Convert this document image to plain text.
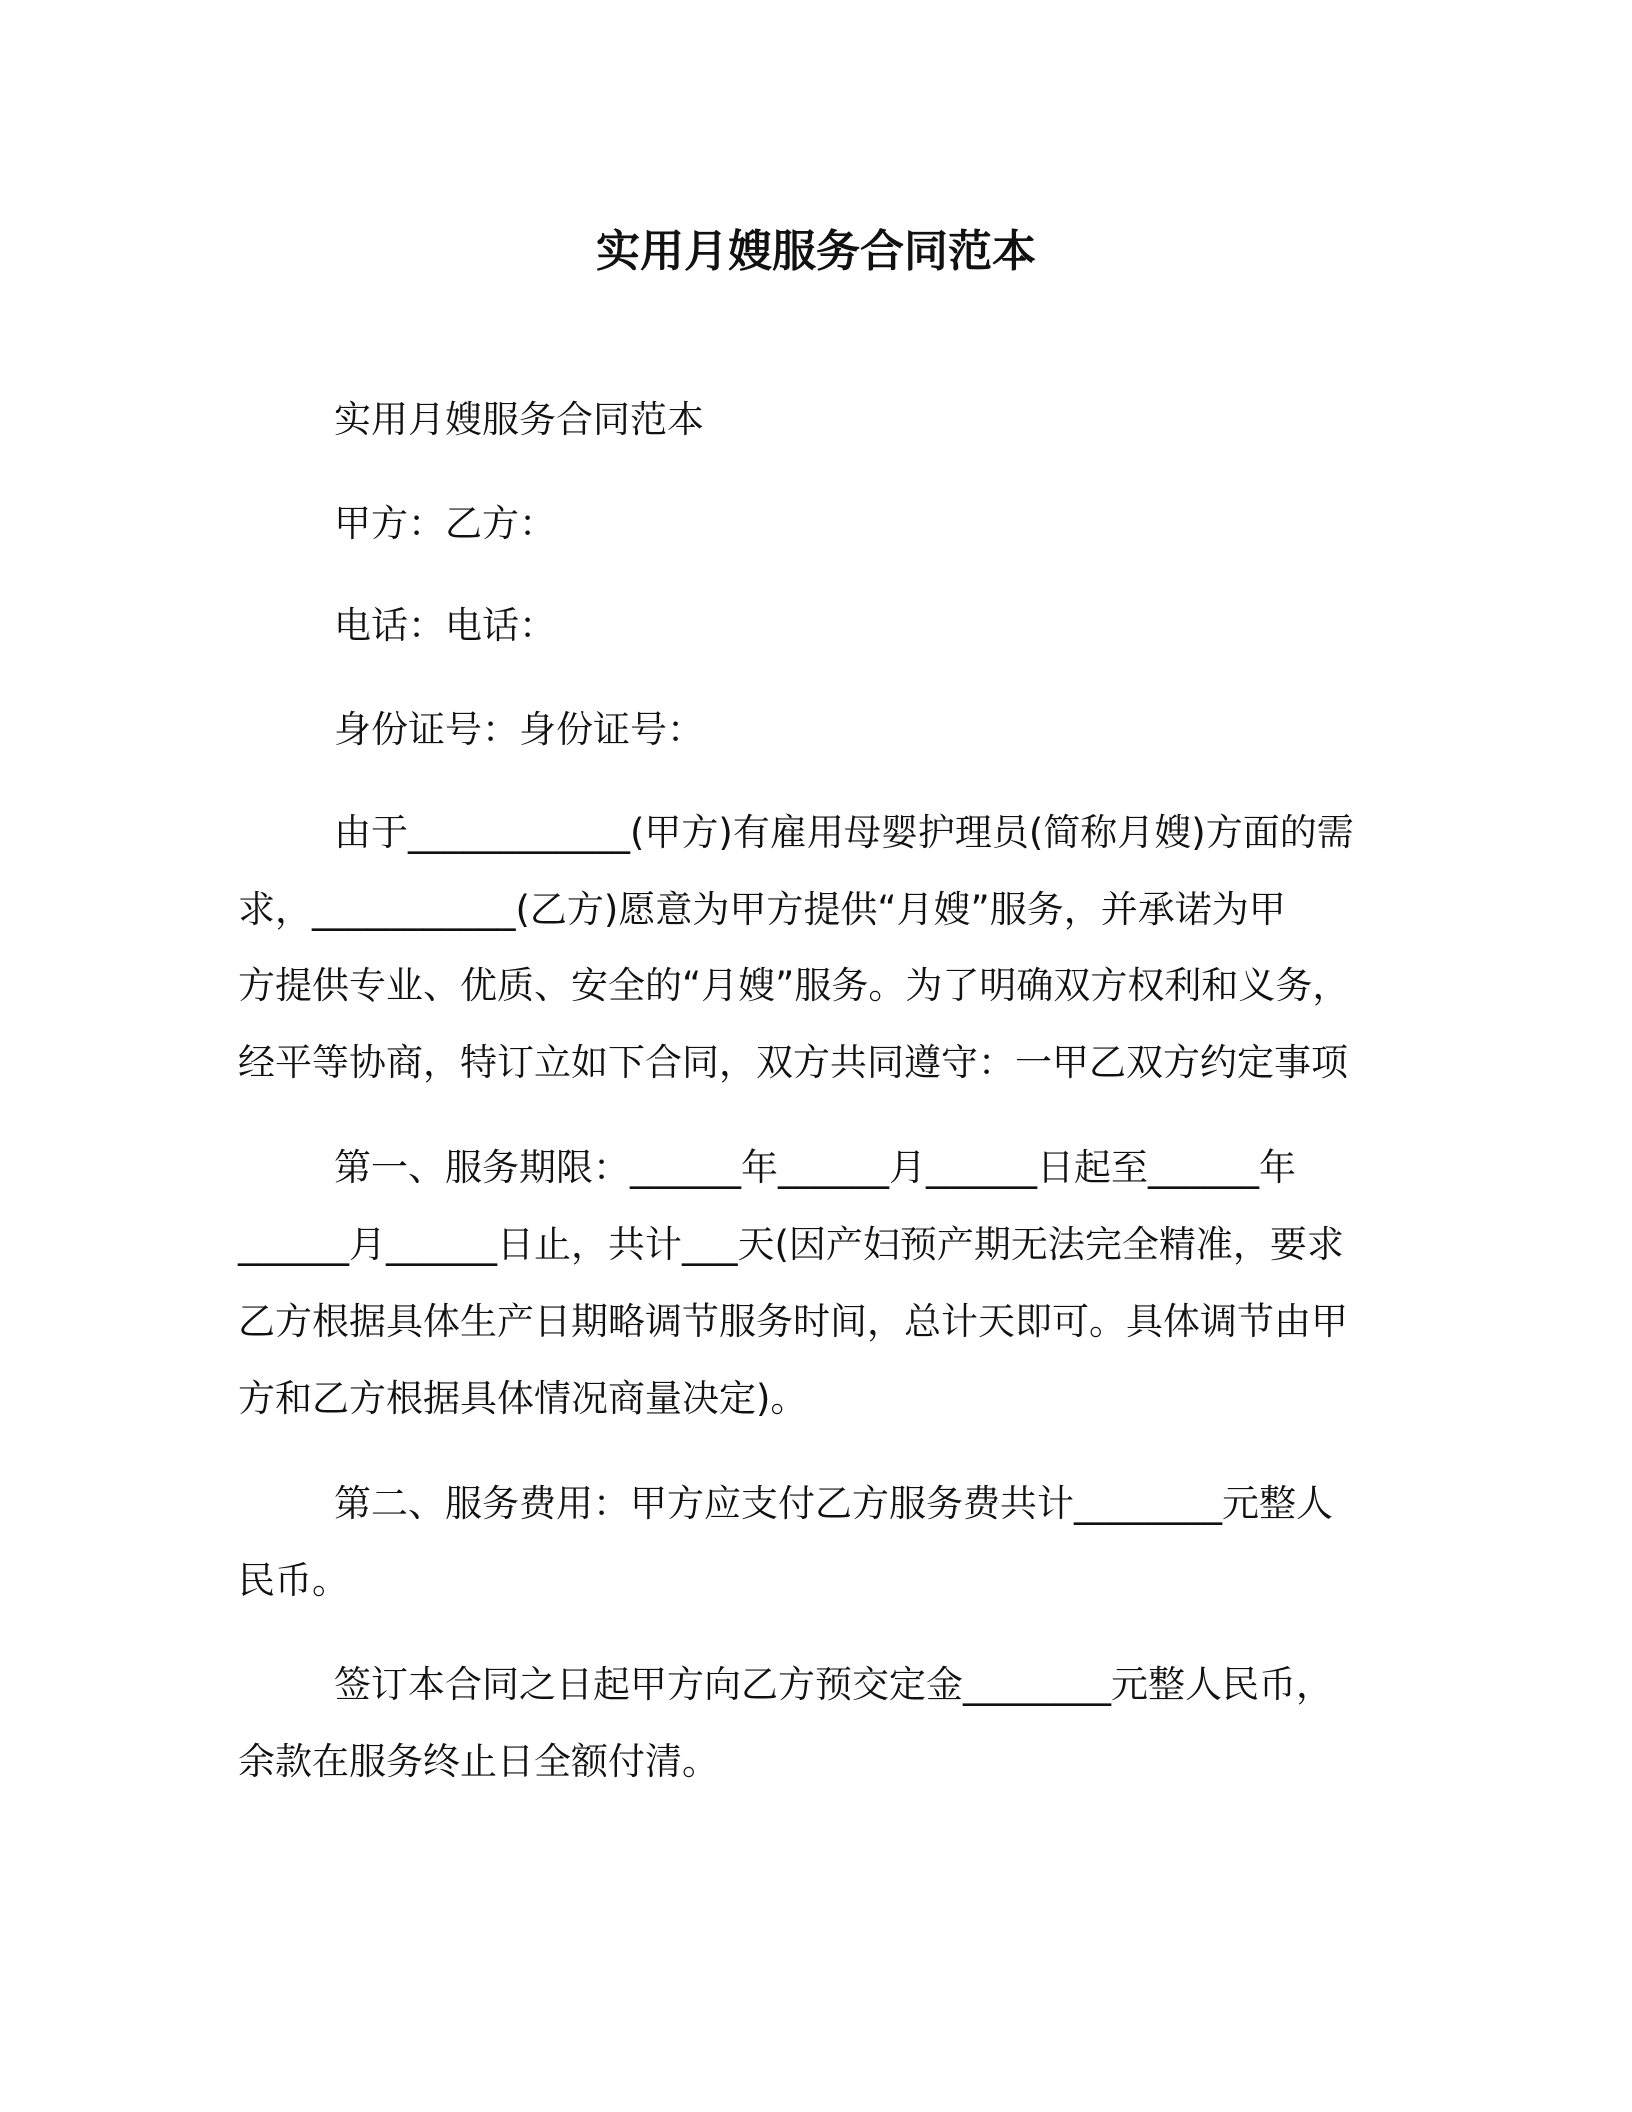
实用月嫂服务合同范本
实用月嫂服务合同范本
甲方：乙方：
电话：电话：
身份证号：身份证号：
由于____________(甲方)有雇用母婴护理员(简称月嫂)方面的需
求，___________(乙方)愿意为甲方提供“月嫂”服务，并承诺为甲
方提供专业、优质、安全的“月嫂”服务。为了明确双方权利和义务，
经平等协商，特订立如下合同，双方共同遵守：一甲乙双方约定事项
第一、服务期限：______年______月______日起至______年
______月______日止，共计___天(因产妇预产期无法完全精准，要求
乙方根据具体生产日期略调节服务时间，总计天即可。具体调节由甲
方和乙方根据具体情况商量决定)。
第二、服务费用：甲方应支付乙方服务费共计________元整人
民币。
签订本合同之日起甲方向乙方预交定金________元整人民币，
余款在服务终止日全额付清。
